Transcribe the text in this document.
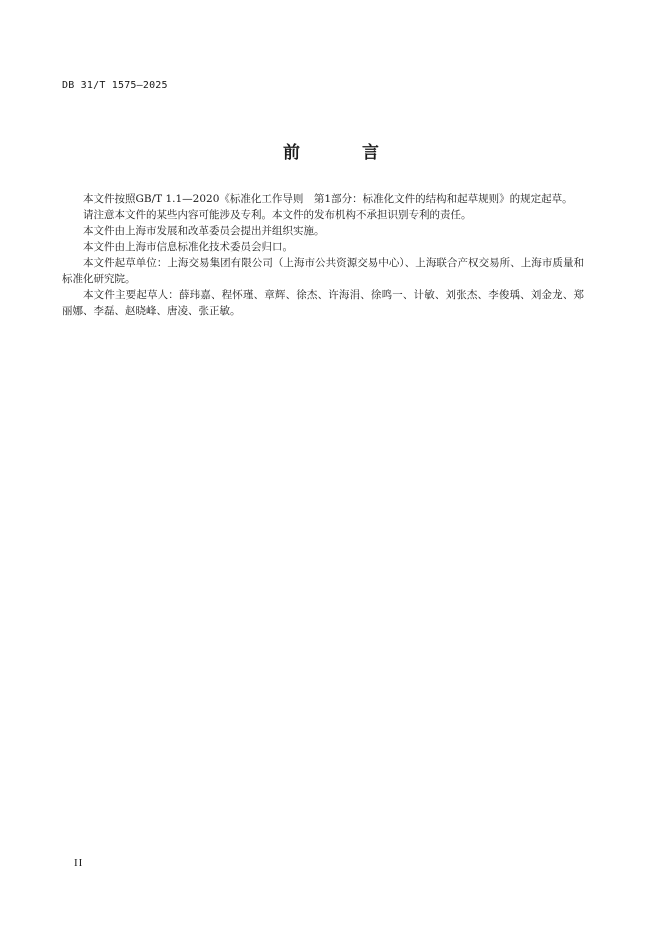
DB 31/T 1575—2025
前 言

本文件按照GB/T 1.1—2020《标准化工作导则　第1部分：标准化文件的结构和起草规则》的规定起草。

请注意本文件的某些内容可能涉及专利。本文件的发布机构不承担识别专利的责任。

本文件由上海市发展和改革委员会提出并组织实施。

本文件由上海市信息标准化技术委员会归口。

本文件起草单位：上海交易集团有限公司（上海市公共资源交易中心）、上海联合产权交易所、上海市质量和标准化研究院。

本文件主要起草人：薛玮嘉、程怀瑾、章辉、徐杰、许海涓、徐鸣一、计敏、刘张杰、李俊瑀、刘金龙、郑丽娜、李磊、赵晓峰、唐凌、张正敏。

II
